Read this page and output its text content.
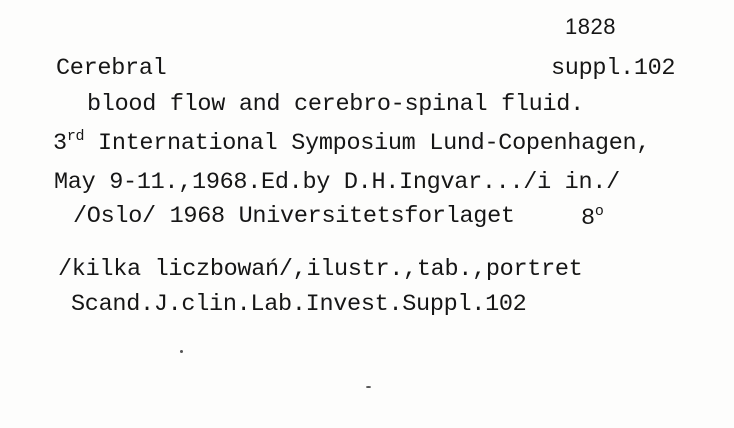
1828
Cerebral	suppl.102
blood flow and cerebro-spinal fluid.
3rd International Symposium Lund-Copenhagen,
May 9-11.,1968.Ed.by D.H.Ingvar.../i in./
/Oslo/ 1968 Universitetsforlaget	8$^o$
/kilka liczbowań/,ilustr.,tab.,portret
Scand.J.clin.Lab.Invest.Suppl.102
